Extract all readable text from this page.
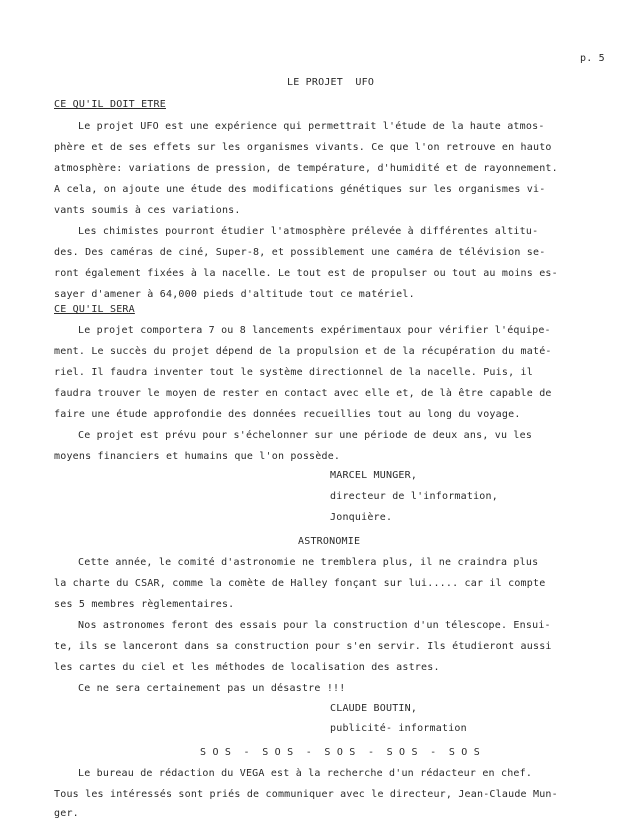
p. 5
LE PROJET  UFO
CE QU'IL DOIT ETRE
Le projet UFO est une expérience qui permettrait l'étude de la haute atmos-
phère et de ses effets sur les organismes vivants. Ce que l'on retrouve en hauto
atmosphère: variations de pression, de température, d'humidité et de rayonnement.
A cela, on ajoute une étude des modifications génétiques sur les organismes vi-
vants soumis à ces variations.
Les chimistes pourront étudier l'atmosphère prélevée à différentes altitu-
des. Des caméras de ciné, Super-8, et possiblement une caméra de télévision se-
ront également fixées à la nacelle. Le tout est de propulser ou tout au moins es-
sayer d'amener à 64,000 pieds d'altitude tout ce matériel.
CE QU'IL SERA
Le projet comportera 7 ou 8 lancements expérimentaux pour vérifier l'équipe-
ment. Le succès du projet dépend de la propulsion et de la récupération du maté-
riel. Il faudra inventer tout le système directionnel de la nacelle. Puis, il
faudra trouver le moyen de rester en contact avec elle et, de là être capable de
faire une étude approfondie des données recueillies tout au long du voyage.
Ce projet est prévu pour s'échelonner sur une période de deux ans, vu les
moyens financiers et humains que l'on possède.
MARCEL MUNGER,
directeur de l'information,
Jonquière.
ASTRONOMIE
Cette année, le comité d'astronomie ne tremblera plus, il ne craindra plus
la charte du CSAR, comme la comète de Halley fonçant sur lui..... car il compte
ses 5 membres règlementaires.
Nos astronomes feront des essais pour la construction d'un télescope. Ensui-
te, ils se lanceront dans sa construction pour s'en servir. Ils étudieront aussi
les cartes du ciel et les méthodes de localisation des astres.
Ce ne sera certainement pas un désastre !!!
CLAUDE BOUTIN,
publicité- information
S O S  -  S O S  -  S O S  -  S O S  -  S O S
Le bureau de rédaction du VEGA est à la recherche d'un rédacteur en chef.
Tous les intéressés sont priés de communiquer avec le directeur, Jean-Claude Mun-
ger.
